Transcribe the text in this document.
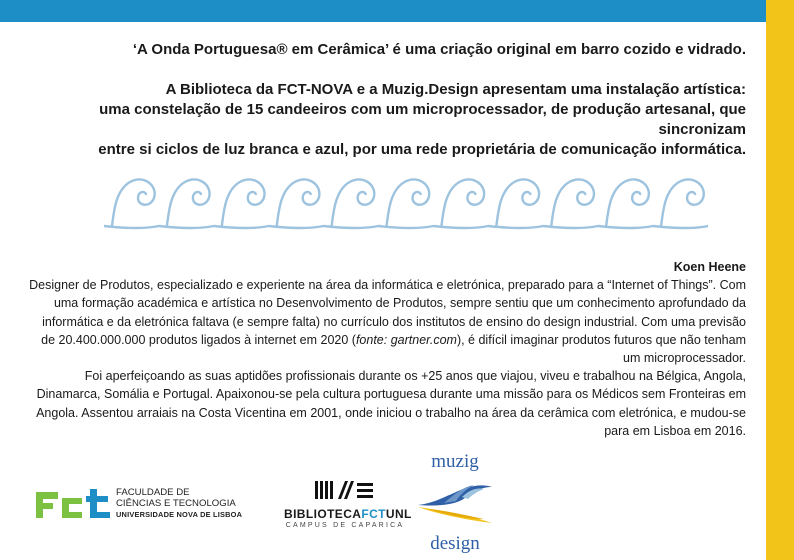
‘A Onda Portuguesa® em Cerâmica’ é uma criação original em barro cozido e vidrado.

A Biblioteca da FCT-NOVA e a Muzig.Design apresentam uma instalação artística:

uma constelação de 15 candeeiros com um microprocessador, de produção artesanal, que sincronizam

entre si ciclos de luz branca e azul, por uma rede proprietária de comunicação informática.

Koen Heene

Designer de Produtos, especializado e experiente na área da informática e eletrónica, preparado para a “Internet of Things”. Com uma formação académica e artística no Desenvolvimento de Produtos, sempre sentiu que um conhecimento aprofundado da informática e da eletrónica faltava (e sempre falta) no currículo dos institutos de ensino do design industrial. Com uma previsão de 20.400.000.000 produtos ligados à internet em 2020 (fonte: gartner.com), é difícil imaginar produtos futuros que não tenham um microprocessador.

Foi aperfeiçoando as suas aptidões profissionais durante os +25 anos que viajou, viveu e trabalhou na Bélgica, Angola, Dinamarca, Somália e Portugal. Apaixonou-se pela cultura portuguesa durante uma missão para os Médicos sem Fronteiras em Angola. Assentou arraiais na Costa Vicentina em 2001, onde iniciou o trabalho na área da cerâmica com eletrónica, e mudou-se para em Lisboa em 2016.

FACULDADE DE
CIÊNCIAS E TECNOLOGIA
UNIVERSIDADE NOVA DE LISBOA	BIBLIOTECAFCTUNL
CAMPUS DE CAPARICA
muzig
design
